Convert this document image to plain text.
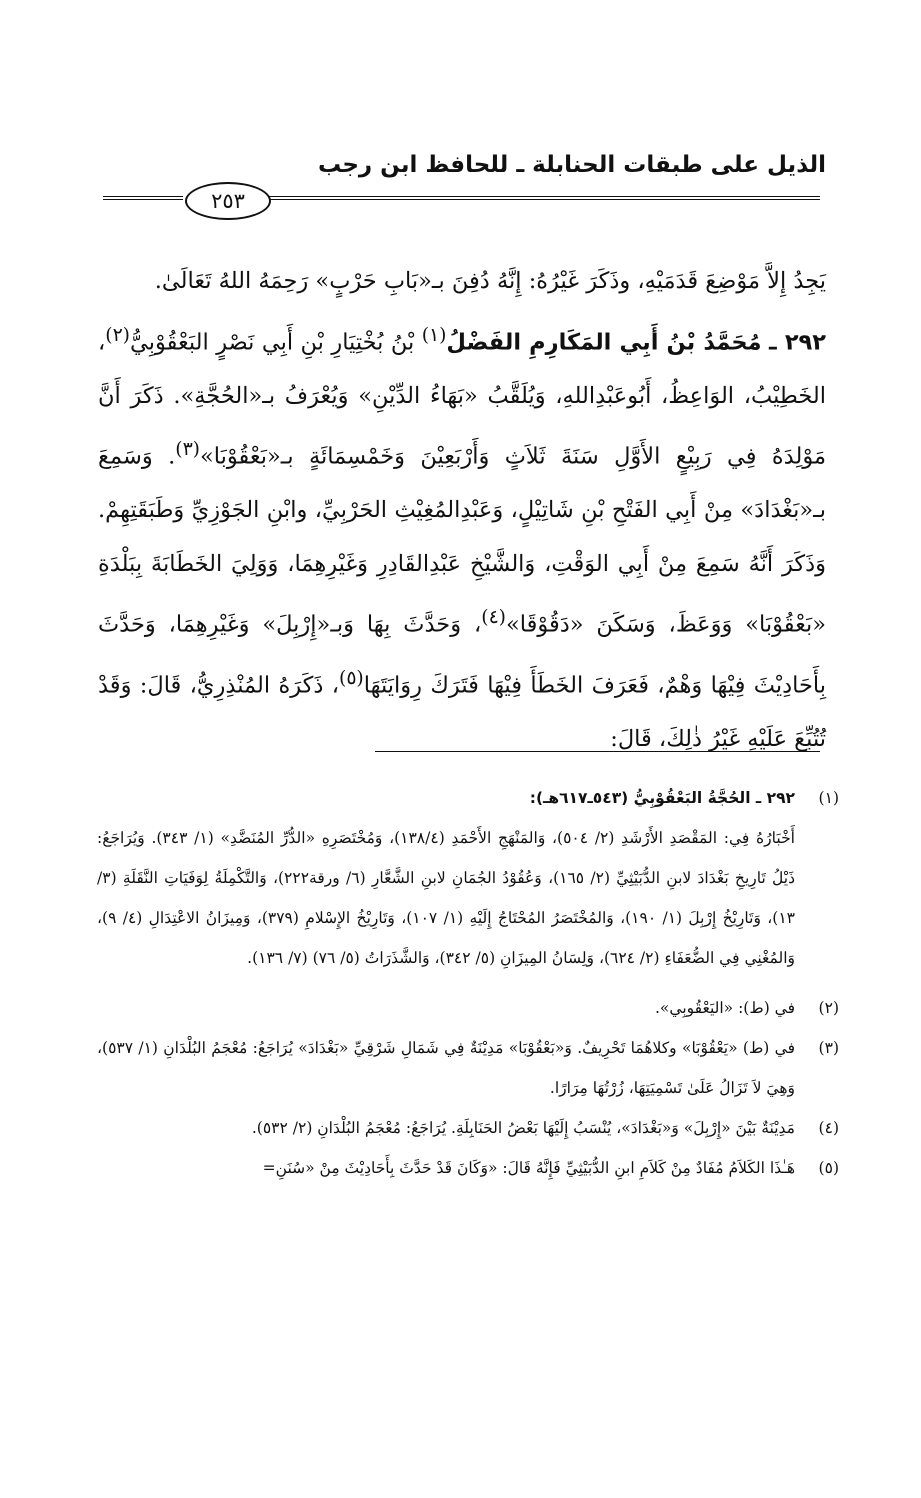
الذيل على طبقات الحنابلة ـ للحافظ ابن رجب
٢٥٣

يَجِدُ إِلاَّ مَوْضِعَ قَدَمَيْهِ، وذَكَرَ غَيْرُهُ: إِنَّهُ دُفِنَ بـ«بَابِ حَرْبٍ» رَحِمَهُ اللهُ تَعَالَىٰ.

٢٩٢ ـ مُحَمَّدُ بْنُ أَبِي المَكَارِمِ الفَضْلُ$^{(١)}$ بْنُ بُخْتِيَارِ بْنِ أَبِي نَصْرٍ البَعْقُوْبِيُّ$^{(٢)}$، الخَطِيْبُ، الوَاعِظُ، أَبُوعَبْدِاللهِ، وَيُلَقَّبُ «بَهَاءُ الدِّيْنِ» وَيُعْرَفُ بـ«الحُجَّةِ». ذَكَرَ أَنَّ مَوْلِدَهُ فِي رَبِيْعٍ الأَوَّلِ سَنَةَ ثَلاَثٍ وَأَرْبَعِيْنَ وَخَمْسِمَائَةٍ بـ«بَعْقُوْبَا»$^{(٣)}$. وَسَمِعَ بـ«بَغْدَادَ» مِنْ أَبِي الفَتْحِ بْنِ شَاتِيْلٍ، وَعَبْدِالمُغِيْثِ الحَرْبِيِّ، وابْنِ الجَوْزِيِّ وَطَبَقَتِهِمْ. وَذَكَرَ أَنَّهُ سَمِعَ مِنْ أَبِي الوَقْتِ، وَالشَّيْخِ عَبْدِالقَادِرِ وَغَيْرِهِمَا، وَوَلِيَ الخَطَابَةَ بِبَلْدَةِ «بَعْقُوْبَا» وَوَعَظَ، وَسَكَنَ «دَقُوْقَا»$^{(٤)}$، وَحَدَّثَ بِهَا وَبـ«إِرْبِلَ» وَغَيْرِهِمَا، وَحَدَّثَ بِأَحَادِيْثَ فِيْهَا وَهْمٌ، فَعَرَفَ الخَطَأَ فِيْهَا فَتَرَكَ رِوَايَتَهَا$^{(٥)}$، ذَكَرَهُ المُنْذِرِيُّ، قَالَ: وَقَدْ تُتُبِّعَ عَلَيْهِ غَيْرُ ذٰلِكَ، قَالَ:

(١)

٢٩٢ ـ الحُجَّةُ البَعْقُوْبِيُّ (٥٤٣ـ٦١٧هـ):

أَخْبَارُهُ فِي: المَقْصَدِ الأَرْشَدِ (٢/ ٥٠٤)، وَالمَنْهَجِ الأَحْمَدِ (١٣٨/٤)، وَمُخْتَصَرِهِ «الدُّرِّ المُنَضَّدِ» (١/ ٣٤٣). وَيُرَاجَعُ: ذَيْلُ تَارِيخِ بَغْدَادَ لابنِ الدُّبَيْثِيِّ (٢/ ١٦٥)، وَعُقُوْدُ الجُمَانِ لابنِ الشَّعَّارِ (٦/ ورقة٢٢٢)، وَالتَّكْمِلَةُ لِوَفَيَاتِ النَّقَلَةِ (٣/ ١٣)، وَتَارِيْخُ إِرْبِلَ (١/ ١٩٠)، وَالمُخْتَصَرُ المُحْتَاجُ إِلَيْهِ (١/ ١٠٧)، وَتَارِيْخُ الإِسْلامِ (٣٧٩)، وَمِيزَانُ الاعْتِدَالِ (٤/ ٩)، وَالمُغْنِي فِي الضُّعَفَاءِ (٢/ ٦٢٤)، وَلِسَانُ المِيزَانِ (٥/ ٣٤٢)، وَالشَّذَرَاتُ (٥/ ٧٦) (٧/ ١٣٦).

(٢)
في (ط): «اليَعْقُوبِي».
(٣)
في (ط) «يَعْقُوْبَا» وكلاهُمَا تَحْرِيفٌ. وَ«بَعْقُوْبَا» مَدِيْنَةٌ فِي شَمَالِ شَرْقِيِّ «بَغْدَادَ» يُرَاجَعُ: مُعْجَمُ البُلْدَانِ (١/ ٥٣٧)، وَهِيَ لاَ تَزَالُ عَلَىٰ تَسْمِيَتِهَا، زُرْتُهَا مِرَارًا.
(٤)
مَدِيْنَةٌ بَيْنَ «إِرْبِلَ» وَ«بَغْدَادَ»، يُنْسَبُ إِلَيْهَا بَعْضُ الحَنَابِلَةِ. يُرَاجَعُ: مُعْجَمُ البُلْدَانِ (٢/ ٥٣٢).
(٥)
هَـٰذَا الكَلاَمُ مُفَادٌ مِنْ كَلاَمِ ابنِ الدُّبَيْثِيِّ فَإِنَّهُ قَالَ: «وَكَانَ قَدْ حَدَّثَ بِأَحَادِيْثَ مِنْ «سُنَنِ=
